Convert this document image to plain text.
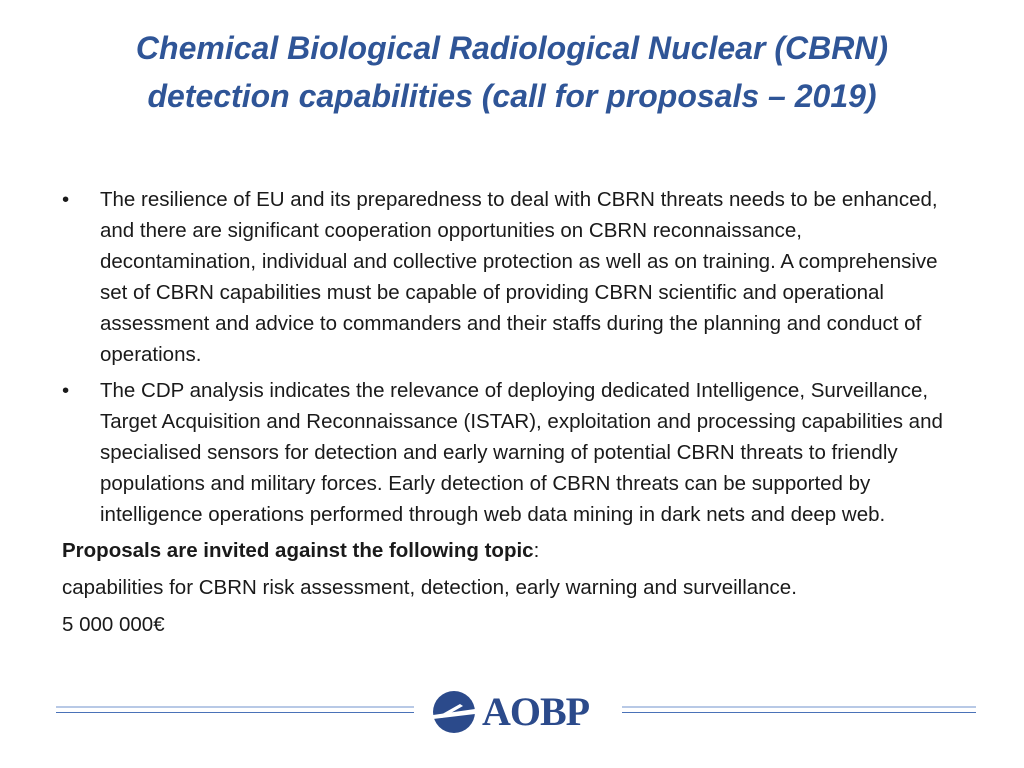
Chemical Biological Radiological Nuclear (CBRN)
detection capabilities (call for proposals – 2019)
• The resilience of EU and its preparedness to deal with CBRN threats needs to be enhanced, and there are significant cooperation opportunities on CBRN reconnaissance, decontamination, individual and collective protection as well as on training. A comprehensive set of CBRN capabilities must be capable of providing CBRN scientific and operational assessment and advice to commanders and their staffs during the planning and conduct of operations.
• The CDP analysis indicates the relevance of deploying dedicated Intelligence, Surveillance, Target Acquisition and Reconnaissance (ISTAR), exploitation and processing capabilities and specialised sensors for detection and early warning of potential CBRN threats to friendly populations and military forces. Early detection of CBRN threats can be supported by intelligence operations performed through web data mining in dark nets and deep web.

Proposals are invited against the following topic:

capabilities for CBRN risk assessment, detection, early warning and surveillance.

5 000 000€

AOBP
